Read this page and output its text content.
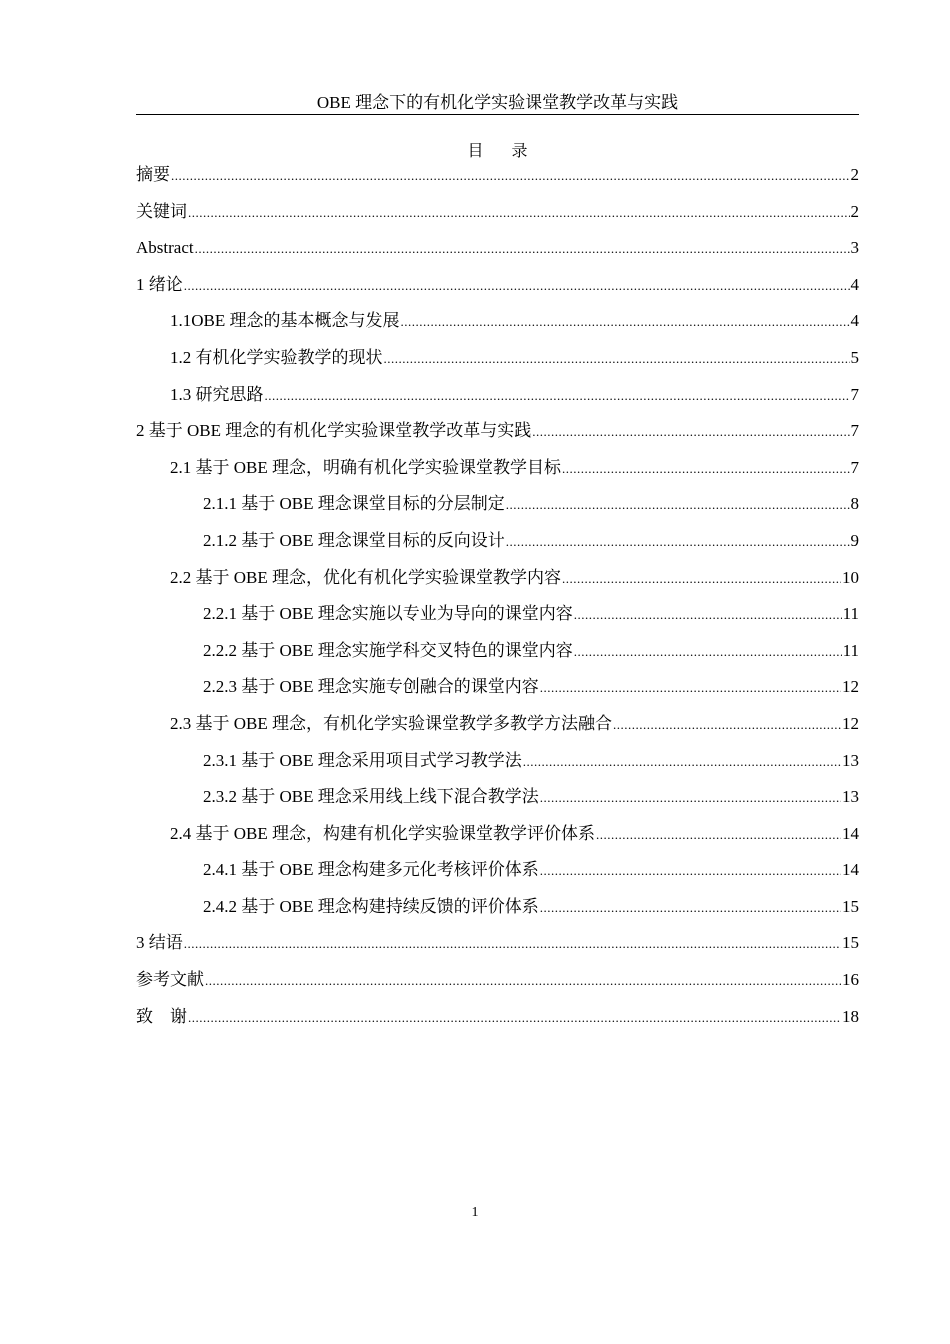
OBE 理念下的有机化学实验课堂教学改革与实践
目录
摘要 .....	2
关键词 .....	2
Abstract .....	3
1 绪论 .....	4
1.1OBE 理念的基本概念与发展 .....	4
1.2 有机化学实验教学的现状 .....	5
1.3 研究思路 .....	7
2 基于 OBE 理念的有机化学实验课堂教学改革与实践 .....	7
2.1 基于 OBE 理念，明确有机化学实验课堂教学目标 .....	7
2.1.1 基于 OBE 理念课堂目标的分层制定 .....	8
2.1.2 基于 OBE 理念课堂目标的反向设计 .....	9
2.2 基于 OBE 理念，优化有机化学实验课堂教学内容 .....	10
2.2.1 基于 OBE 理念实施以专业为导向的课堂内容 .....	11
2.2.2 基于 OBE 理念实施学科交叉特色的课堂内容 .....	11
2.2.3 基于 OBE 理念实施专创融合的课堂内容 .....	12
2.3 基于 OBE 理念，有机化学实验课堂教学多教学方法融合 .....	12
2.3.1 基于 OBE 理念采用项目式学习教学法 .....	13
2.3.2 基于 OBE 理念采用线上线下混合教学法 .....	13
2.4 基于 OBE 理念，构建有机化学实验课堂教学评价体系 .....	14
2.4.1 基于 OBE 理念构建多元化考核评价体系 .....	14
2.4.2 基于 OBE 理念构建持续反馈的评价体系 .....	15
3 结语 .....	15
参考文献 .....	16
致　谢 .....	18
1
